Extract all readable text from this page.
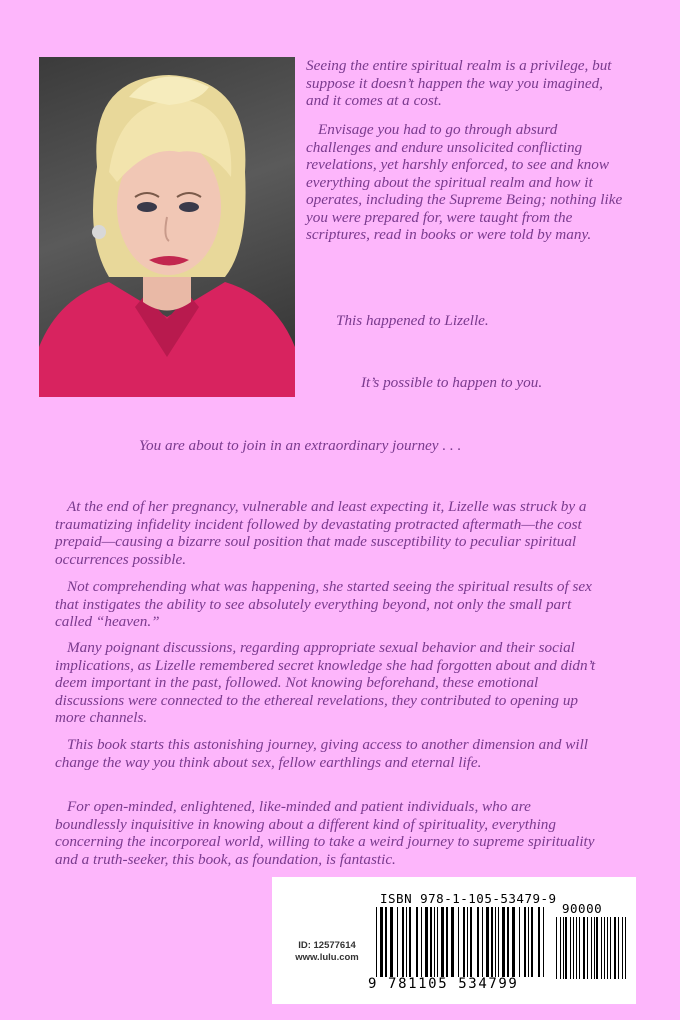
Seeing the entire spiritual realm is a privilege, but suppose it doesn’t happen the way you imagined, and it comes at a cost.

Envisage you had to go through absurd challenges and endure unsolicited conflicting revelations, yet harshly enforced, to see and know everything about the spiritual realm and how it operates, including the Supreme Being; nothing like you were prepared for, were taught from the scriptures, read in books or were told by many.

This happened to Lizelle.

It’s possible to happen to you.

You are about to join in an extraordinary journey . . .

At the end of her pregnancy, vulnerable and least expecting it, Lizelle was struck by a traumatizing infidelity incident followed by devastating protracted aftermath—the cost prepaid—causing a bizarre soul position that made susceptibility to peculiar spiritual occurrences possible.

Not comprehending what was happening, she started seeing the spiritual results of sex that instigates the ability to see absolutely everything beyond, not only the small part called “heaven.”

Many poignant discussions, regarding appropriate sexual behavior and their social implications, as Lizelle remembered secret knowledge she had forgotten about and didn’t deem important in the past, followed. Not knowing beforehand, these emotional discussions were connected to the ethereal revelations, they contributed to opening up more channels.

This book starts this astonishing journey, giving access to another dimension and will change the way you think about sex, fellow earthlings and eternal life.

For open-minded, enlightened, like-minded and patient individuals, who are boundlessly inquisitive in knowing about a different kind of spirituality, everything concerning the incorporeal world, willing to take a weird journey to supreme spirituality and a truth-seeker, this book, as foundation, is fantastic.

ID: 12577614
www.lulu.com
ISBN 978-1-105-53479-9
90000
9 781105 534799
